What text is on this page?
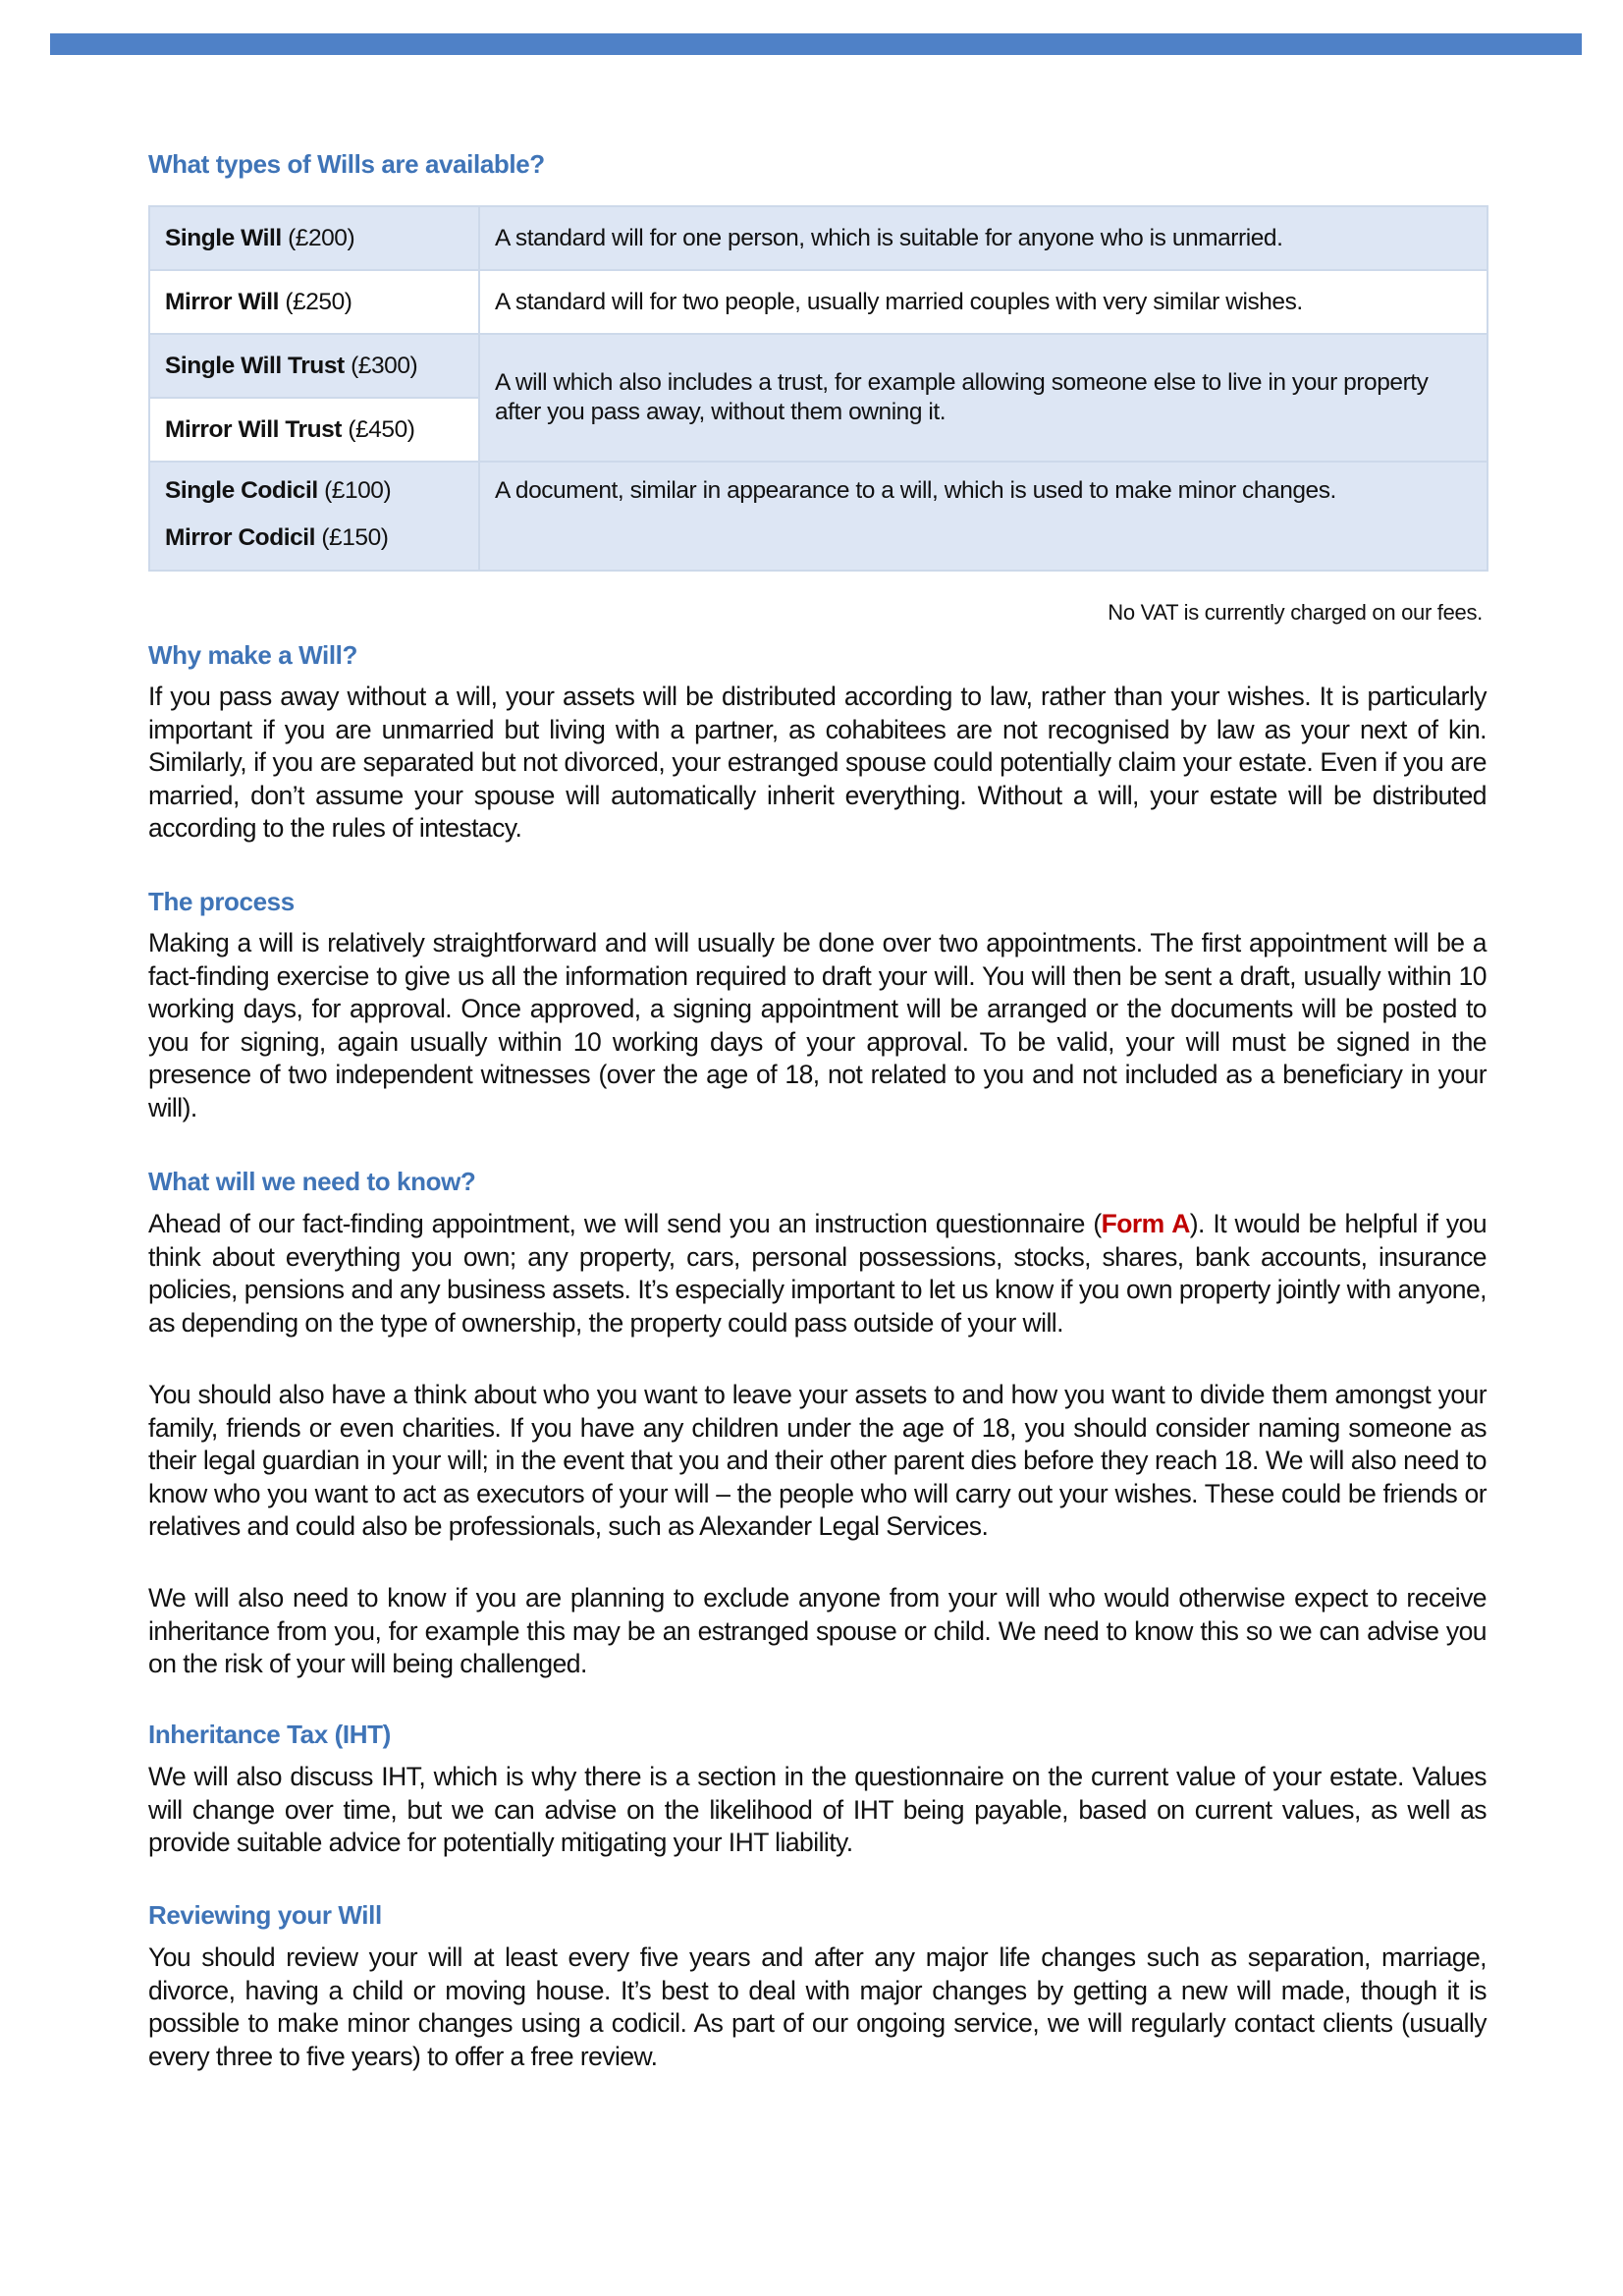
What types of Wills are available?
Single Will (£200)	A standard will for one person, which is suitable for anyone who is unmarried.
Mirror Will (£250)	A standard will for two people, usually married couples with very similar wishes.
Single Will Trust (£300)	A will which also includes a trust, for example allowing someone else to live in your property after you pass away, without them owning it.
Mirror Will Trust (£450)	

Single Codicil (£100)
Mirror Codicil (£150)	A document, similar in appearance to a will, which is used to make minor changes.
No VAT is currently charged on our fees.
Why make a Will?

If you pass away without a will, your assets will be distributed according to law, rather than your wishes. It is particularly important if you are unmarried but living with a partner, as cohabitees are not recognised by law as your next of kin. Similarly, if you are separated but not divorced, your estranged spouse could potentially claim your estate. Even if you are married, don’t assume your spouse will automatically inherit everything. Without a will, your estate will be distributed according to the rules of intestacy.

The process

Making a will is relatively straightforward and will usually be done over two appointments. The first appointment will be a fact-finding exercise to give us all the information required to draft your will. You will then be sent a draft, usually within 10 working days, for approval. Once approved, a signing appointment will be arranged or the documents will be posted to you for signing, again usually within 10 working days of your approval. To be valid, your will must be signed in the presence of two independent witnesses (over the age of 18, not related to you and not included as a beneficiary in your will).

What will we need to know?

Ahead of our fact-finding appointment, we will send you an instruction questionnaire (Form A). It would be helpful if you think about everything you own; any property, cars, personal possessions, stocks, shares, bank accounts, insurance policies, pensions and any business assets. It’s especially important to let us know if you own property jointly with anyone, as depending on the type of ownership, the property could pass outside of your will.

You should also have a think about who you want to leave your assets to and how you want to divide them amongst your family, friends or even charities. If you have any children under the age of 18, you should consider naming someone as their legal guardian in your will; in the event that you and their other parent dies before they reach 18. We will also need to know who you want to act as executors of your will – the people who will carry out your wishes. These could be friends or relatives and could also be professionals, such as Alexander Legal Services.

We will also need to know if you are planning to exclude anyone from your will who would otherwise expect to receive inheritance from you, for example this may be an estranged spouse or child. We need to know this so we can advise you on the risk of your will being challenged.

Inheritance Tax (IHT)

We will also discuss IHT, which is why there is a section in the questionnaire on the current value of your estate. Values will change over time, but we can advise on the likelihood of IHT being payable, based on current values, as well as provide suitable advice for potentially mitigating your IHT liability.

Reviewing your Will

You should review your will at least every five years and after any major life changes such as separation, marriage, divorce, having a child or moving house. It’s best to deal with major changes by getting a new will made, though it is possible to make minor changes using a codicil. As part of our ongoing service, we will regularly contact clients (usually every three to five years) to offer a free review.
